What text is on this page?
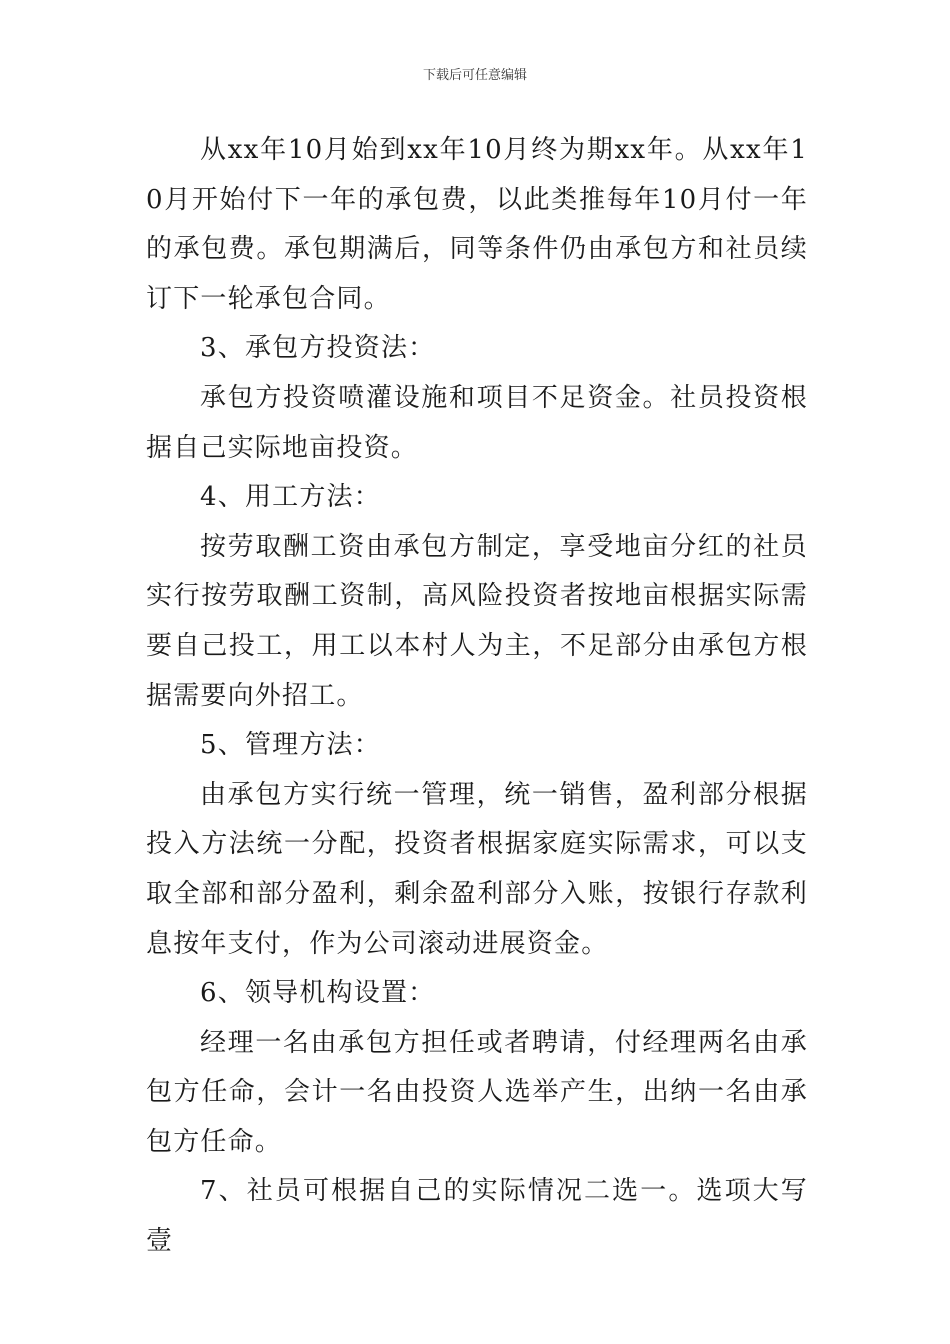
下载后可任意编辑

从xx年10月始到xx年10月终为期xx年。从xx年10月开始付下一年的承包费，以此类推每年10月付一年的承包费。承包期满后，同等条件仍由承包方和社员续订下一轮承包合同。

3、承包方投资法：

承包方投资喷灌设施和项目不足资金。社员投资根据自己实际地亩投资。

4、用工方法：

按劳取酬工资由承包方制定，享受地亩分红的社员实行按劳取酬工资制，高风险投资者按地亩根据实际需要自己投工，用工以本村人为主，不足部分由承包方根据需要向外招工。

5、管理方法：

由承包方实行统一管理，统一销售，盈利部分根据投入方法统一分配，投资者根据家庭实际需求，可以支取全部和部分盈利，剩余盈利部分入账，按银行存款利息按年支付，作为公司滚动进展资金。

6、领导机构设置：

经理一名由承包方担任或者聘请，付经理两名由承包方任命，会计一名由投资人选举产生，出纳一名由承包方任命。

7、社员可根据自己的实际情况二选一。选项大写壹
